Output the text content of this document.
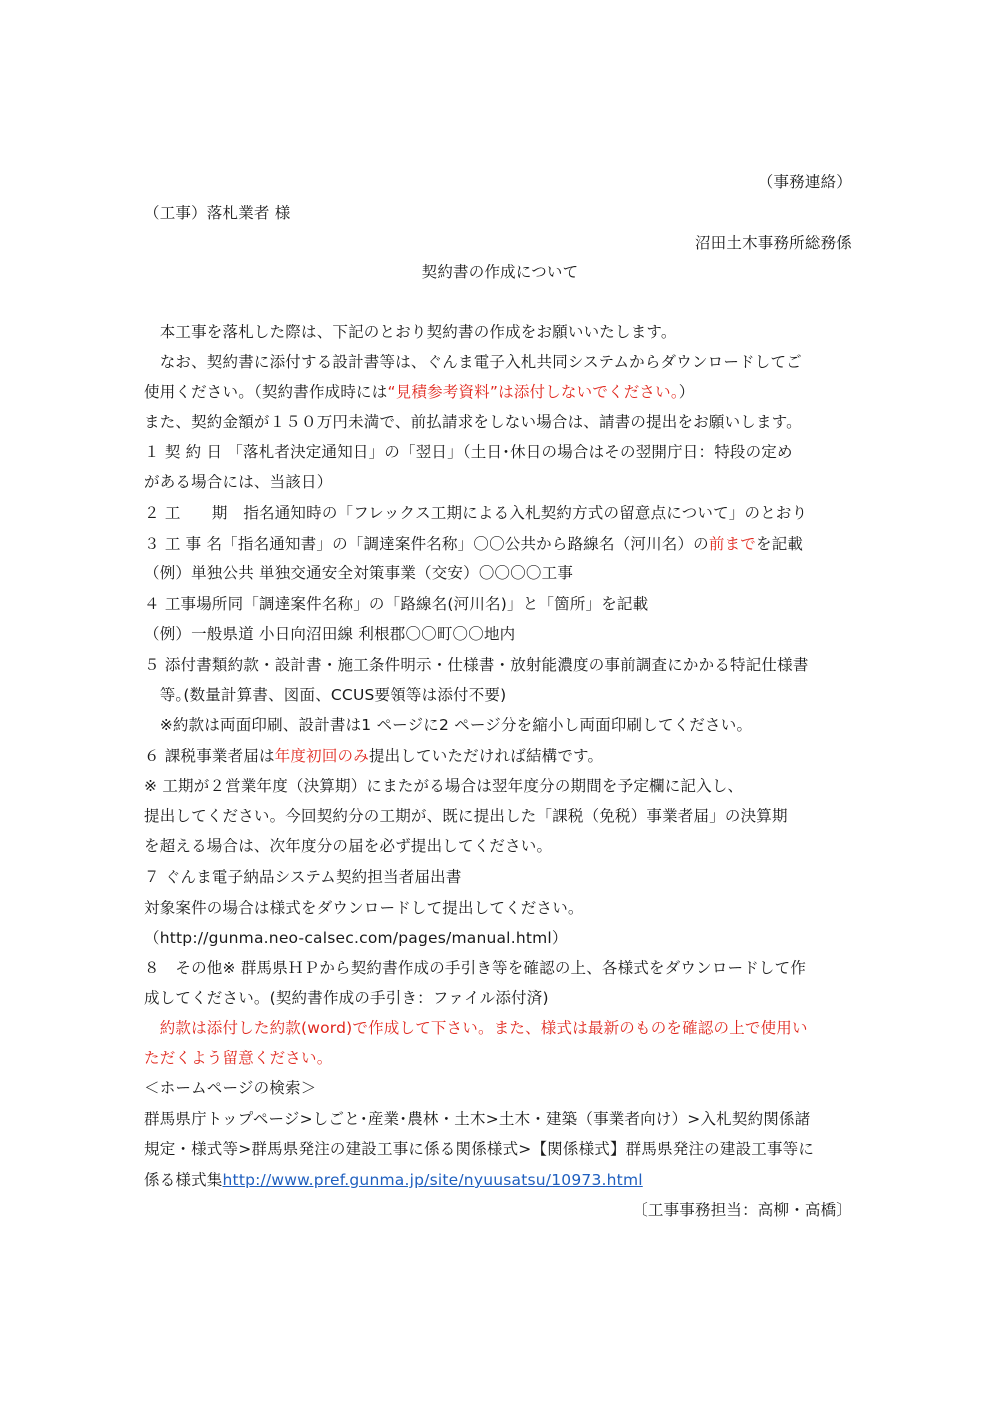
（事務連絡）
（工事）落札業者 様
沼田土木事務所総務係
契約書の作成について
　本工事を落札した際は、下記のとおり契約書の作成をお願いいたします。
　なお、契約書に添付する設計書等は、ぐんま電子入札共同システムからダウンロードしてご
使用ください。（契約書作成時には“見積参考資料”は添付しないでください。）
また、契約金額が１５０万円未満で、前払請求をしない場合は、請書の提出をお願いします。
１ 契 約 日 「落札者決定通知日」の「翌日」（土日･休日の場合はその翌開庁日：特段の定め
がある場合には、当該日）
２ 工　　期　指名通知時の「フレックス工期による入札契約方式の留意点について」のとおり
３ 工 事 名「指名通知書」の「調達案件名称」〇〇公共から路線名（河川名）の前までを記載
（例）単独公共 単独交通安全対策事業（交安）〇〇〇〇工事
４ 工事場所同「調達案件名称」の「路線名(河川名)」と「箇所」を記載
（例）一般県道 小日向沼田線 利根郡〇〇町〇〇地内
５ 添付書類約款・設計書・施工条件明示・仕様書・放射能濃度の事前調査にかかる特記仕様書
　等｡(数量計算書、図面、CCUS要領等は添付不要)
　※約款は両面印刷、設計書は1 ページに2 ページ分を縮小し両面印刷してください。
６ 課税事業者届は年度初回のみ提出していただければ結構です。
※ 工期が２営業年度（決算期）にまたがる場合は翌年度分の期間を予定欄に記入し、
提出してください。今回契約分の工期が、既に提出した「課税（免税）事業者届」の決算期
を超える場合は、次年度分の届を必ず提出してください。
７ ぐんま電子納品システム契約担当者届出書
対象案件の場合は様式をダウンロードして提出してください。
（http://gunma.neo-calsec.com/pages/manual.html）
８　その他※ 群馬県ＨＰから契約書作成の手引き等を確認の上、各様式をダウンロードして作
成してください。(契約書作成の手引き：ファイル添付済)
　約款は添付した約款(word)で作成して下さい。また、様式は最新のものを確認の上で使用い
ただくよう留意ください。
＜ホームページの検索＞
群馬県庁トップページ>しごと･産業･農林・土木>土木・建築（事業者向け）>入札契約関係諸
規定・様式等>群馬県発注の建設工事に係る関係様式>【関係様式】群馬県発注の建設工事等に
係る様式集http://www.pref.gunma.jp/site/nyuusatsu/10973.html
〔工事事務担当：高柳・高橋〕
